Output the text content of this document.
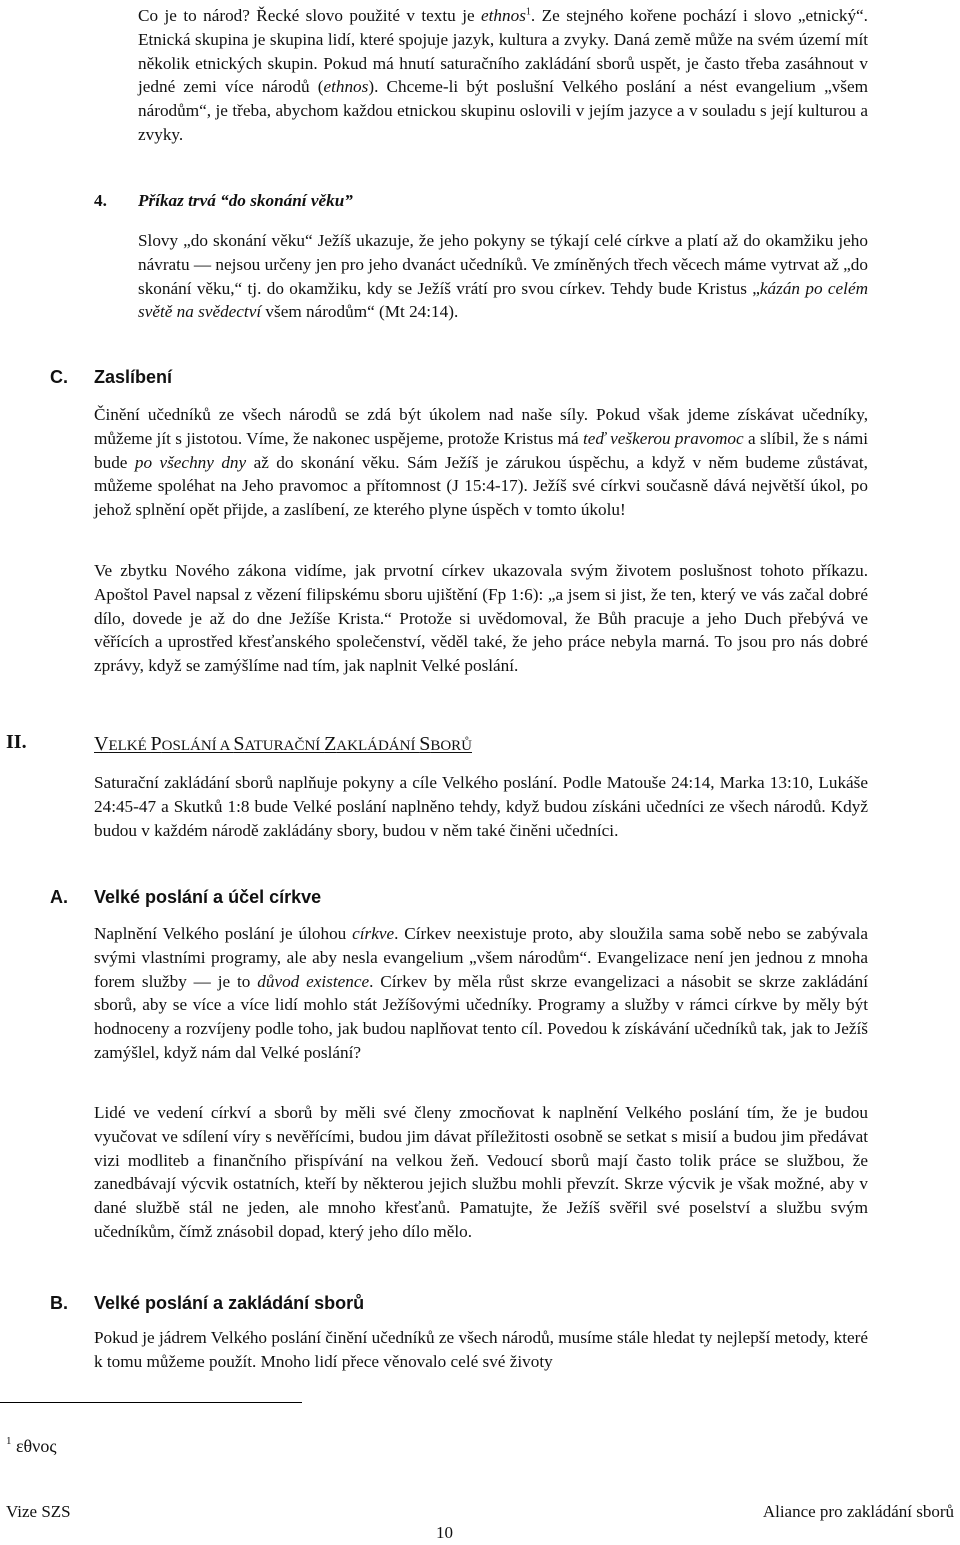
Co je to národ? Řecké slovo použité v textu je ethnos$^1$. Ze stejného kořene pochází i slovo „etnický“. Etnická skupina je skupina lidí, které spojuje jazyk, kultura a zvyky. Daná země může na svém území mít několik etnických skupin. Pokud má hnutí saturačního zakládání sborů uspět, je často třeba zasáhnout v jedné zemi více národů (ethnos). Chceme-li být poslušní Velkého poslání a nést evangelium „všem národům“, je třeba, abychom každou etnickou skupinu oslovili v jejím jazyce a v souladu s její kulturou a zvyky.

4. Příkaz trvá “do skonání věku”

Slovy „do skonání věku“ Ježíš ukazuje, že jeho pokyny se týkají celé církve a platí až do okamžiku jeho návratu — nejsou určeny jen pro jeho dvanáct učedníků. Ve zmíněných třech věcech máme vytrvat až „do skonání věku,“ tj. do okamžiku, kdy se Ježíš vrátí pro svou církev. Tehdy bude Kristus „kázán po celém světě na svědectví všem národům“ (Mt 24:14).

C. Zaslíbení

Činění učedníků ze všech národů se zdá být úkolem nad naše síly. Pokud však jdeme získávat učedníky, můžeme jít s jistotou. Víme, že nakonec uspějeme, protože Kristus má teď veškerou pravomoc a slíbil, že s námi bude po všechny dny až do skonání věku. Sám Ježíš je zárukou úspěchu, a když v něm budeme zůstávat, můžeme spoléhat na Jeho pravomoc a přítomnost (J 15:4-17). Ježíš své církvi současně dává největší úkol, po jehož splnění opět přijde, a zaslíbení, ze kterého plyne úspěch v tomto úkolu!

Ve zbytku Nového zákona vidíme, jak prvotní církev ukazovala svým životem poslušnost tohoto příkazu. Apoštol Pavel napsal z vězení filipskému sboru ujištění (Fp 1:6): „a jsem si jist, že ten, který ve vás začal dobré dílo, dovede je až do dne Ježíše Krista.“ Protože si uvědomoval, že Bůh pracuje a jeho Duch přebývá ve věřících a uprostřed křesťanského společenství, věděl také, že jeho práce nebyla marná. To jsou pro nás dobré zprávy, když se zamýšlíme nad tím, jak naplnit Velké poslání.

II.	VELKÉ POSLÁNÍ A SATURAČNÍ ZAKLÁDÁNÍ SBORŮ

Saturační zakládání sborů naplňuje pokyny a cíle Velkého poslání. Podle Matouše 24:14, Marka 13:10, Lukáše 24:45-47 a Skutků 1:8 bude Velké poslání naplněno tehdy, když budou získáni učedníci ze všech národů. Když budou v každém národě zakládány sbory, budou v něm také činěni učedníci.

A. Velké poslání a účel církve

Naplnění Velkého poslání je úlohou církve. Církev neexistuje proto, aby sloužila sama sobě nebo se zabývala svými vlastními programy, ale aby nesla evangelium „všem národům“. Evangelizace není jen jednou z mnoha forem služby — je to důvod existence. Církev by měla růst skrze evangelizaci a násobit se skrze zakládání sborů, aby se více a více lidí mohlo stát Ježíšovými učedníky. Programy a služby v rámci církve by měly být hodnoceny a rozvíjeny podle toho, jak budou naplňovat tento cíl. Povedou k získávání učedníků tak, jak to Ježíš zamýšlel, když nám dal Velké poslání?

Lidé ve vedení církví a sborů by měli své členy zmocňovat k naplnění Velkého poslání tím, že je budou vyučovat ve sdílení víry s nevěřícími, budou jim dávat příležitosti osobně se setkat s misií a budou jim předávat vizi modliteb a finančního přispívání na velkou žeň. Vedoucí sborů mají často tolik práce se službou, že zanedbávají výcvik ostatních, kteří by některou jejich službu mohli převzít. Skrze výcvik je však možné, aby v dané službě stál ne jeden, ale mnoho křesťanů. Pamatujte, že Ježíš svěřil své poselství a službu svým učedníkům, čímž znásobil dopad, který jeho dílo mělo.

B. Velké poslání a zakládání sborů

Pokud je jádrem Velkého poslání činění učedníků ze všech národů, musíme stále hledat ty nejlepší metody, které k tomu můžeme použít. Mnoho lidí přece věnovalo celé své životy

$^1$ εθνος
Vize SZS	Aliance pro zakládání sborů
10
